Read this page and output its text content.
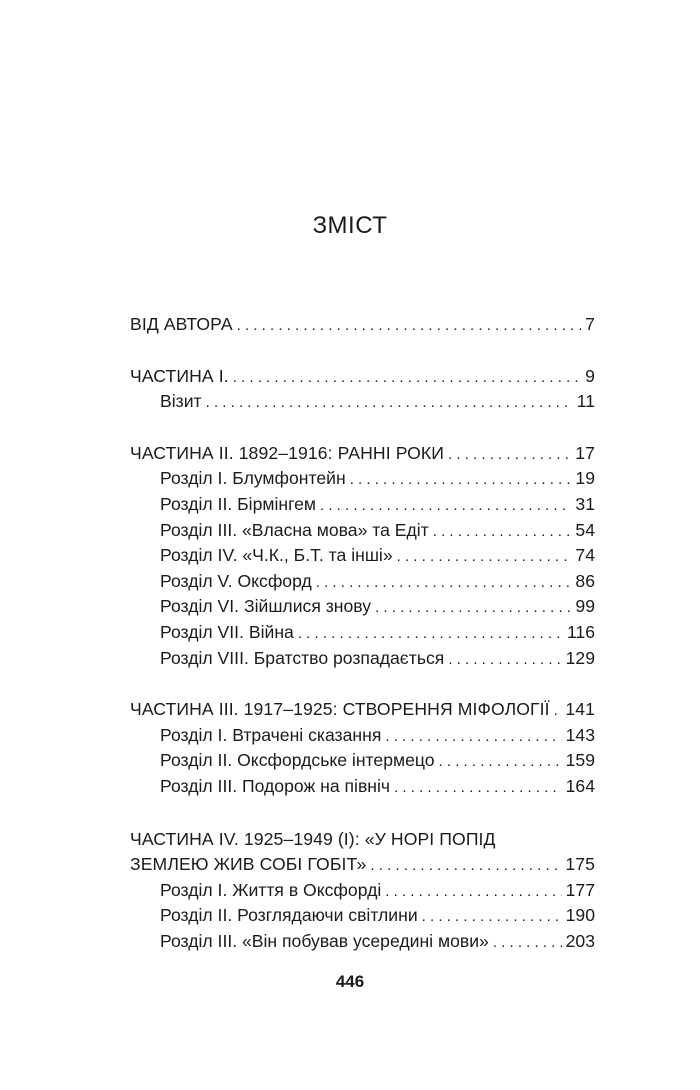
ЗМІСТ
ВІД АВТОРА . . .	7
ЧАСТИНА І. . . .	9
Візит . . .	11
ЧАСТИНА ІІ. 1892–1916: РАННІ РОКИ . . .	17
Розділ І. Блумфонтейн . . .	19
Розділ ІІ. Бірмінгем . . .	31
Розділ ІІІ. «Власна мова» та Едіт . . .	54
Розділ IV. «Ч.К., Б.Т. та інші» . . .	74
Розділ V. Оксфорд . . .	86
Розділ VI. Зійшлися знову . . .	99
Розділ VII. Війна . . .	116
Розділ VIII. Братство розпадається . . .	129
ЧАСТИНА ІІІ. 1917–1925: СТВОРЕННЯ МІФОЛОГІЇ . . . 141
Розділ І. Втрачені сказання . . .	143
Розділ ІІ. Оксфордське інтермецо . . .	159
Розділ ІІІ. Подорож на північ . . .	164
ЧАСТИНА IV. 1925–1949 (І): «У НОРІ ПОПІД
ЗЕМЛЕЮ ЖИВ СОБІ ГОБІТ» . . .	175
Розділ І. Життя в Оксфорді . . .	177
Розділ ІІ. Розглядаючи світлини . . .	190
Розділ ІІІ. «Він побував усередині мови» . . .	203
446
